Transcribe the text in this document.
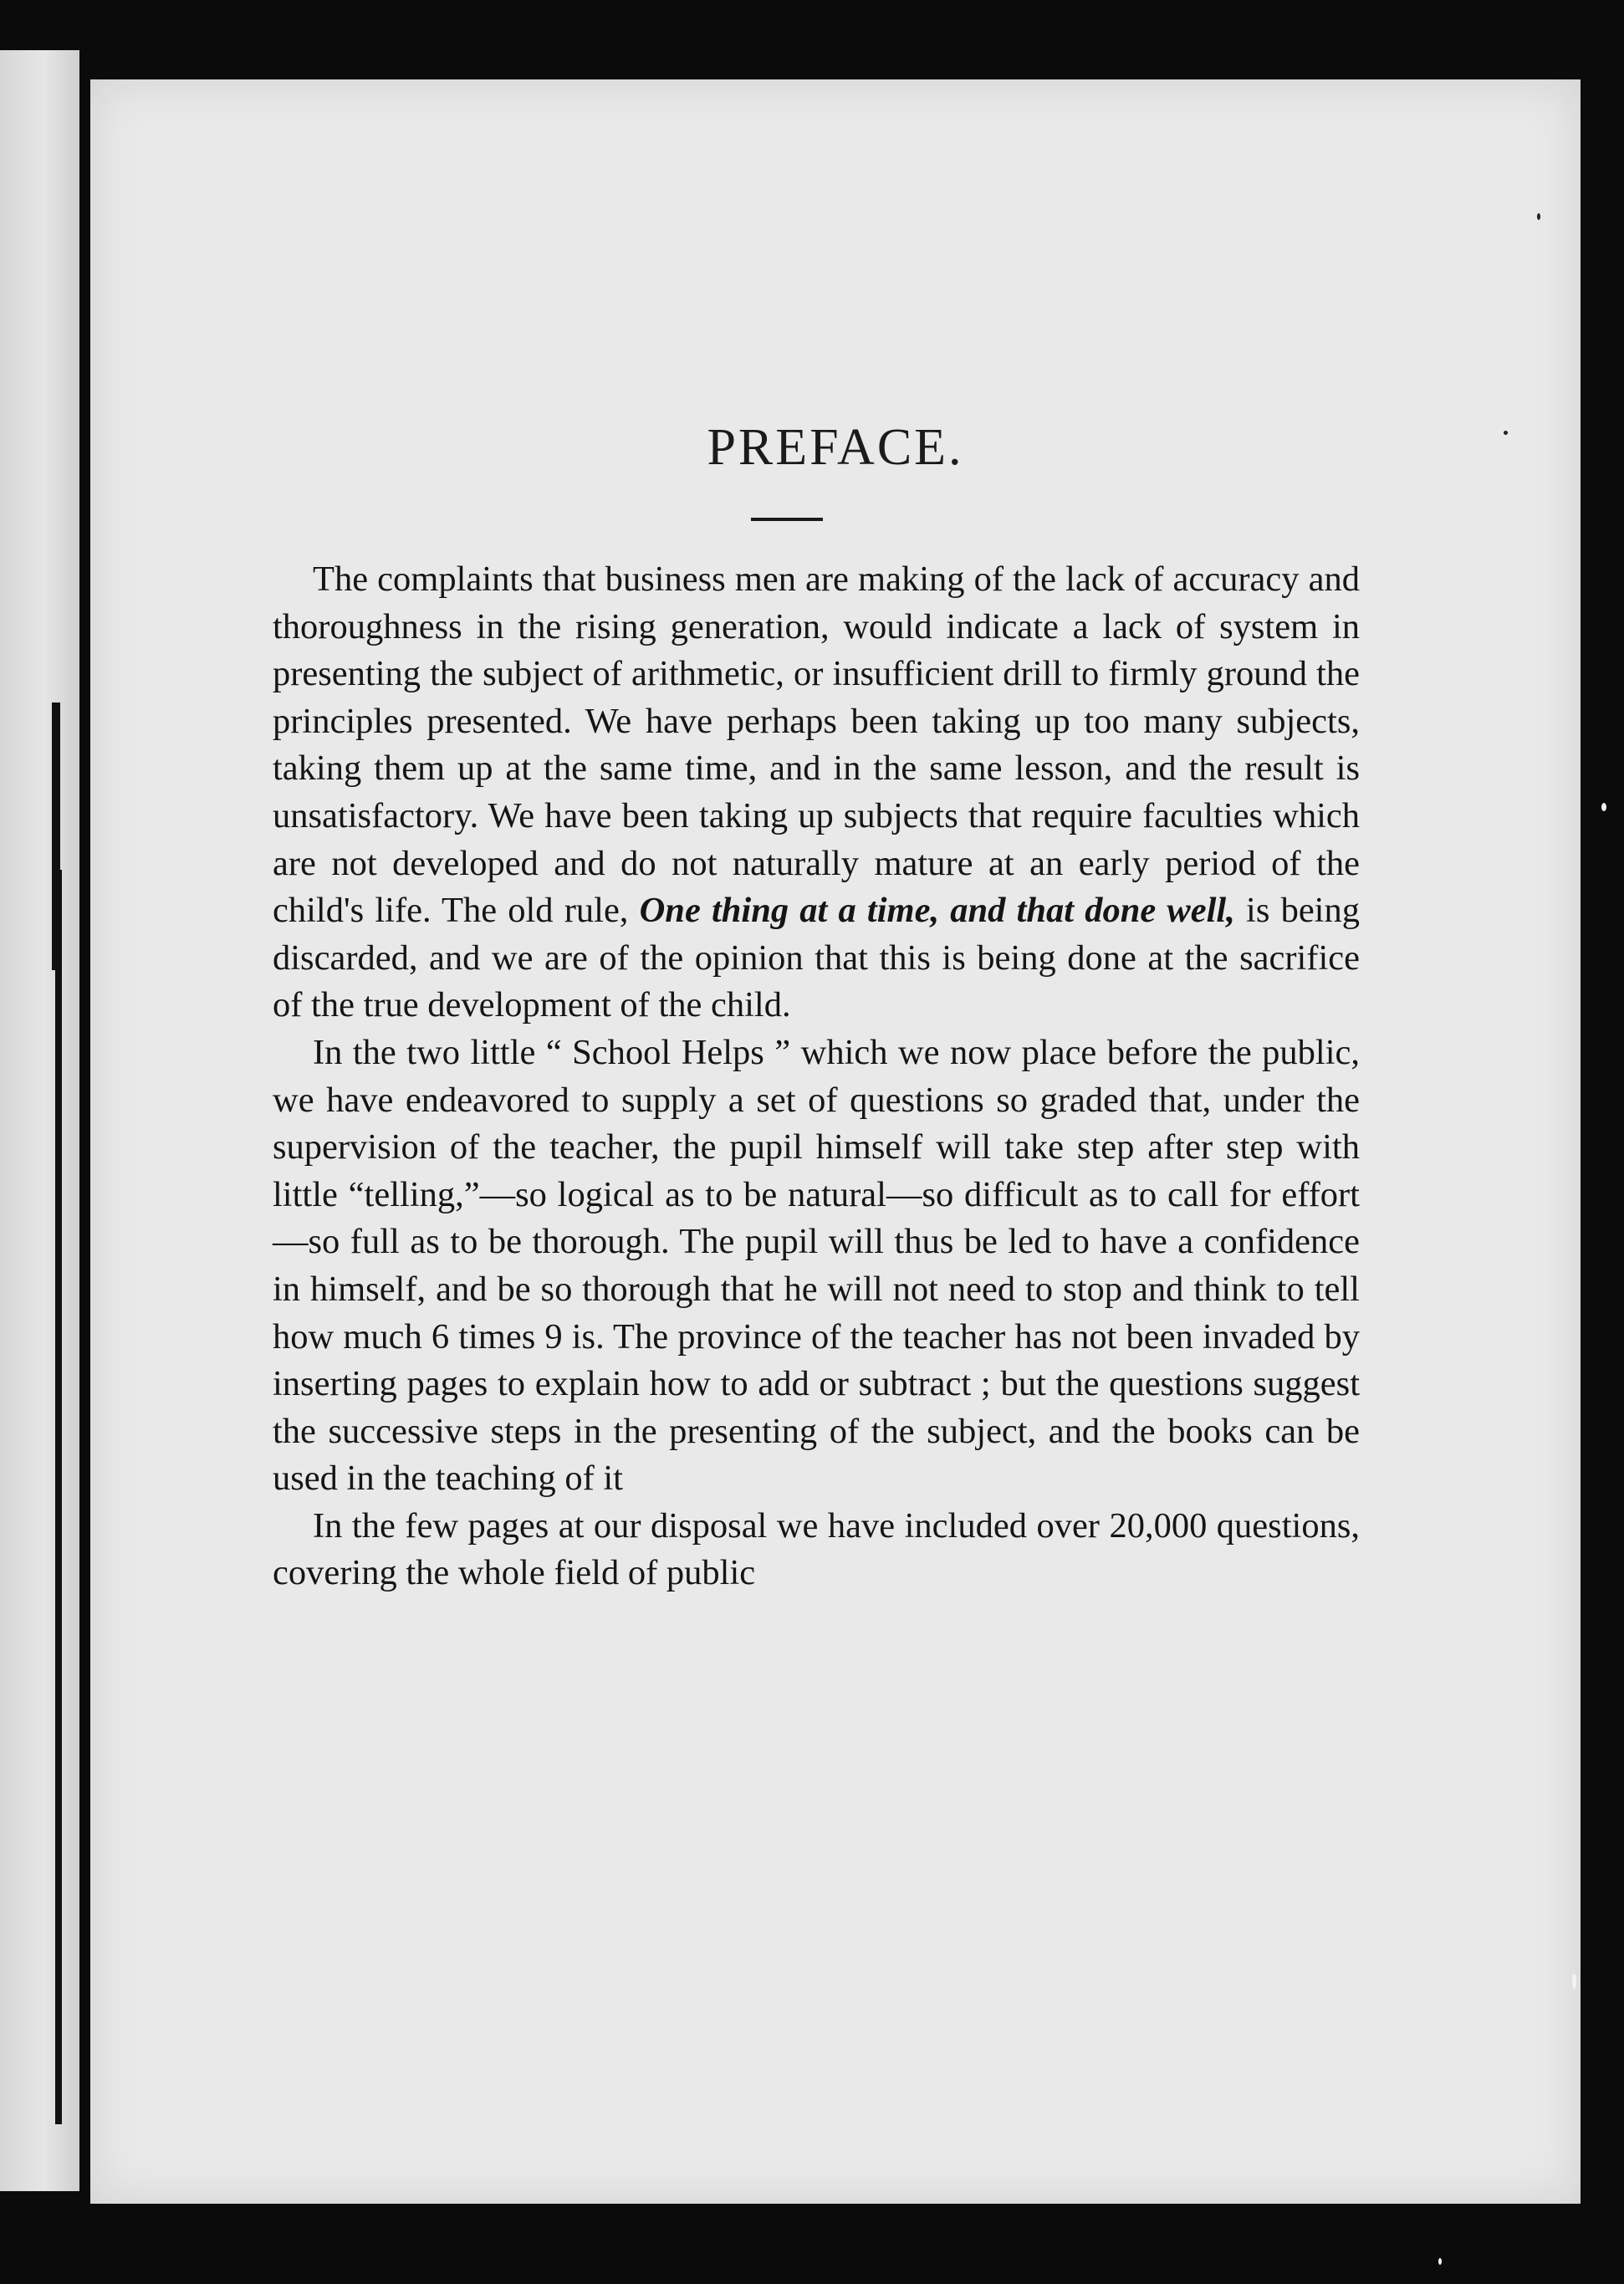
PREFACE.

The complaints that business men are making of the lack of accuracy and thoroughness in the rising generation, would indicate a lack of system in presenting the subject of arithmetic, or insufficient drill to firmly ground the principles presented. We have perhaps been taking up too many subjects, taking them up at the same time, and in the same lesson, and the result is unsatisfactory. We have been taking up subjects that require faculties which are not developed and do not naturally mature at an early period of the child's life. The old rule, One thing at a time, and that done well, is being discarded, and we are of the opinion that this is being done at the sacrifice of the true development of the child.

In the two little “ School Helps ” which we now place before the public, we have endeavored to supply a set of questions so graded that, under the supervision of the teacher, the pupil himself will take step after step with little “telling,”—so logical as to be natural—so difficult as to call for effort—so full as to be thorough. The pupil will thus be led to have a confidence in himself, and be so thorough that he will not need to stop and think to tell how much 6 times 9 is. The province of the teacher has not been invaded by inserting pages to explain how to add or subtract ; but the questions suggest the successive steps in the presenting of the subject, and the books can be used in the teaching of it

In the few pages at our disposal we have included over 20,000 questions, covering the whole field of public
